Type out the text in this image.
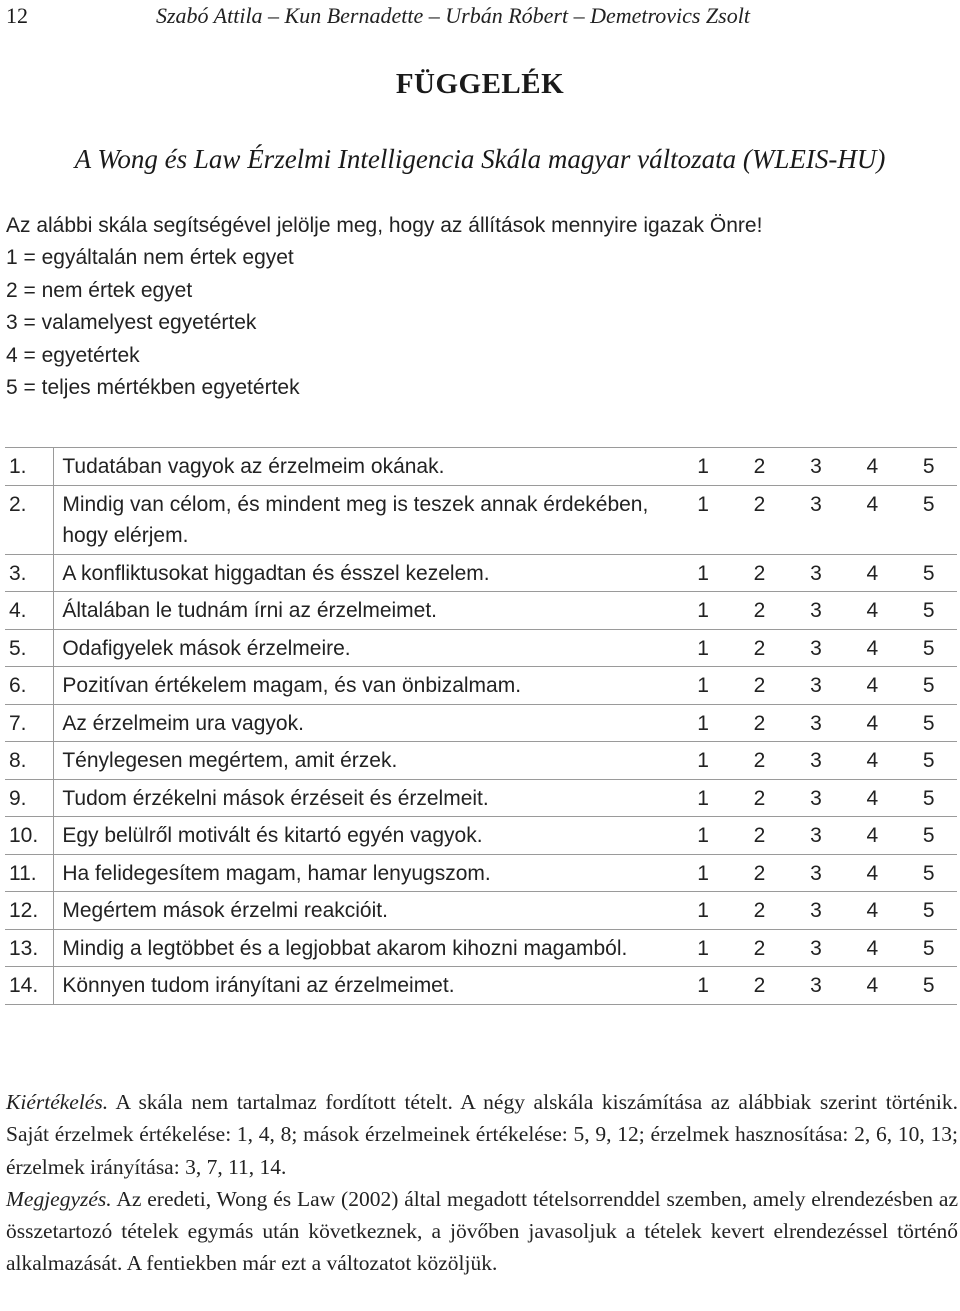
12	Szabó Attila – Kun Bernadette – Urbán Róbert – Demetrovics Zsolt
FÜGGELÉK
A Wong és Law Érzelmi Intelligencia Skála magyar változata (WLEIS-HU)
Az alábbi skála segítségével jelölje meg, hogy az állítások mennyire igazak Önre!
1 = egyáltalán nem értek egyet
2 = nem értek egyet
3 = valamelyest egyetértek
4 = egyetértek
5 = teljes mértékben egyetértek
1.	Tudatában vagyok az érzelmeim okának.	1	2	3	4	5
2.	Mindig van célom, és mindent meg is teszek annak érdekében, hogy elérjem.	1	2	3	4	5
3.	A konfliktusokat higgadtan és ésszel kezelem.	1	2	3	4	5
4.	Általában le tudnám írni az érzelmeimet.	1	2	3	4	5
5.	Odafigyelek mások érzelmeire.	1	2	3	4	5
6.	Pozitívan értékelem magam, és van önbizalmam.	1	2	3	4	5
7.	Az érzelmeim ura vagyok.	1	2	3	4	5
8.	Ténylegesen megértem, amit érzek.	1	2	3	4	5
9.	Tudom érzékelni mások érzéseit és érzelmeit.	1	2	3	4	5
10.	Egy belülről motivált és kitartó egyén vagyok.	1	2	3	4	5
11.	Ha felidegesítem magam, hamar lenyugszom.	1	2	3	4	5
12.	Megértem mások érzelmi reakcióit.	1	2	3	4	5
13.	Mindig a legtöbbet és a legjobbat akarom kihozni magamból.	1	2	3	4	5
14.	Könnyen tudom irányítani az érzelmeimet.	1	2	3	4	5

Kiértékelés. A skála nem tartalmaz fordított tételt. A négy alskála kiszámítása az alábbiak szerint történik. Saját érzelmek értékelése: 1, 4, 8; mások érzelmeinek értékelése: 5, 9, 12; érzelmek hasznosítása: 2, 6, 10, 13; érzelmek irányítása: 3, 7, 11, 14.

Megjegyzés. Az eredeti, Wong és Law (2002) által megadott tételsorrenddel szemben, amely elrendezésben az összetartozó tételek egymás után következnek, a jövőben javasoljuk a tételek kevert elrendezéssel történő alkalmazását. A fentiekben már ezt a változatot közöljük.
